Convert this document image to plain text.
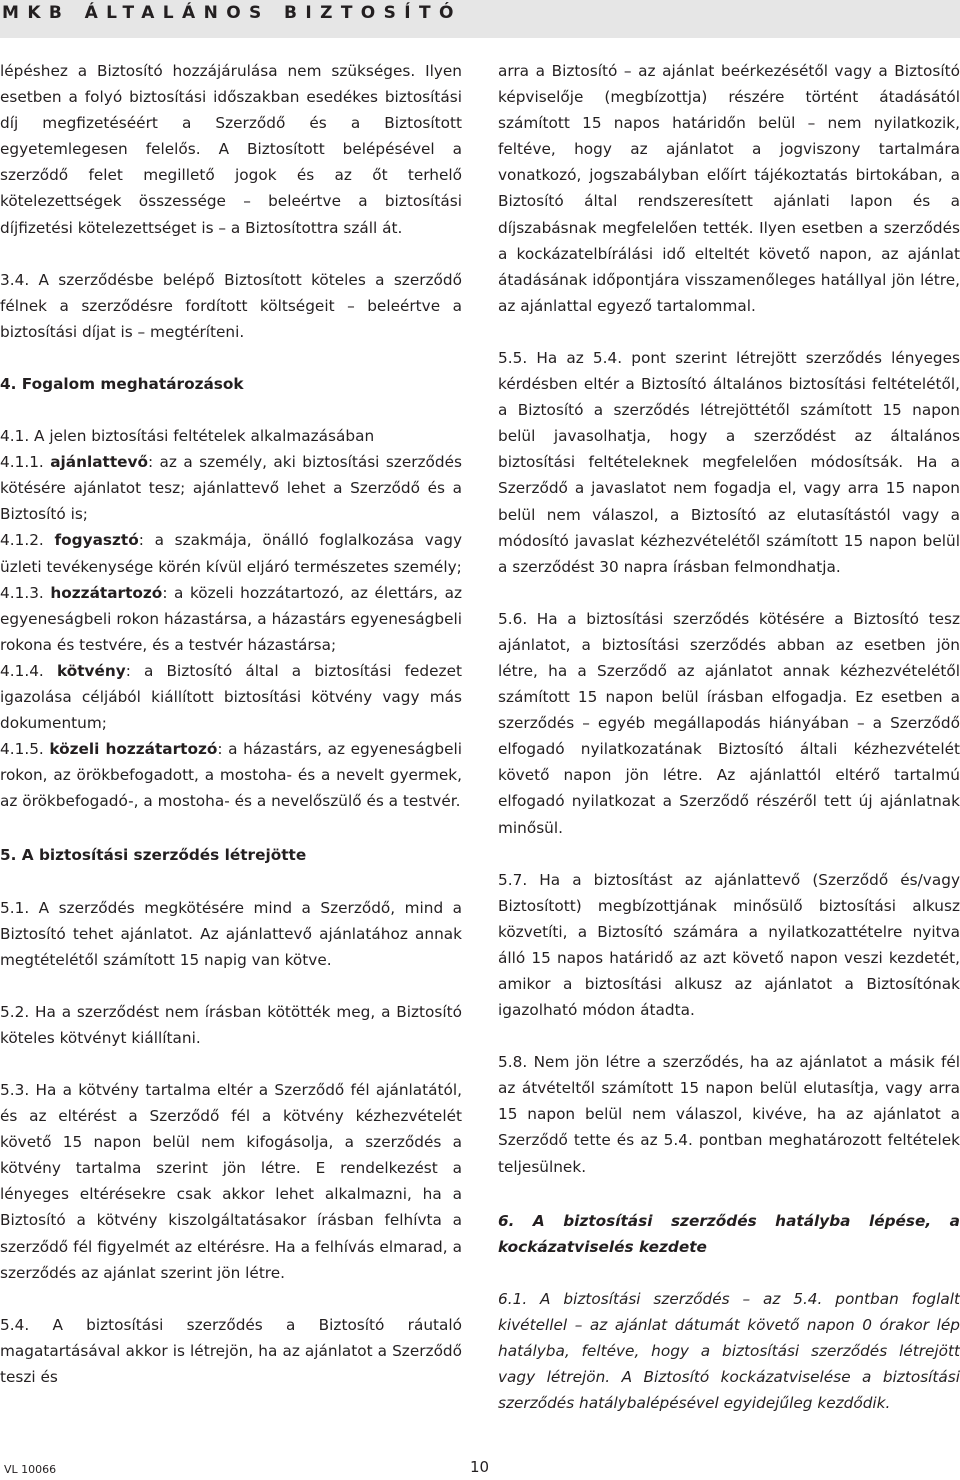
MKB ÁLTALÁNOS BIZTOSÍTÓ

lépéshez a Biztosító hozzájárulása nem szükséges. Ilyen esetben a folyó biztosítási időszakban esedékes biztosítási díj megfizetéséért a Szerződő és a Biztosított egyetemlegesen felelős. A Biztosított belépésével a szerződő felet megillető jogok és az őt terhelő kötelezettségek összessége – beleértve a biztosítási díjfizetési kötelezettséget is – a Biztosítottra száll át.

3.4. A szerződésbe belépő Biztosított köteles a szerződő félnek a szerződésre fordított költségeit – beleértve a biztosítási díjat is – megtéríteni.

4. Fogalom meghatározások

4.1. A jelen biztosítási feltételek alkalmazásában

4.1.1. ajánlattevő: az a személy, aki biztosítási szerződés kötésére ajánlatot tesz; ajánlattevő lehet a Szerződő és a Biztosító is;

4.1.2. fogyasztó: a szakmája, önálló foglalkozása vagy üzleti tevékenysége körén kívül eljáró természetes személy;

4.1.3. hozzátartozó: a közeli hozzátartozó, az élettárs, az egyeneságbeli rokon házastársa, a házastárs egyeneságbeli rokona és testvére, és a testvér házastársa;

4.1.4. kötvény: a Biztosító által a biztosítási fedezet igazolása céljából kiállított biztosítási kötvény vagy más dokumentum;

4.1.5. közeli hozzátartozó: a házastárs, az egyeneságbeli rokon, az örökbefogadott, a mostoha- és a nevelt gyermek, az örökbefogadó-, a mostoha- és a nevelőszülő és a testvér.

5. A biztosítási szerződés létrejötte

5.1. A szerződés megkötésére mind a Szerződő, mind a Biztosító tehet ajánlatot. Az ajánlattevő ajánlatához annak megtételétől számított 15 napig van kötve.

5.2. Ha a szerződést nem írásban kötötték meg, a Biztosító köteles kötvényt kiállítani.

5.3. Ha a kötvény tartalma eltér a Szerződő fél ajánlatától, és az eltérést a Szerződő fél a kötvény kézhezvételét követő 15 napon belül nem kifogásolja, a szerződés a kötvény tartalma szerint jön létre. E rendelkezést a lényeges eltérésekre csak akkor lehet alkalmazni, ha a Biztosító a kötvény kiszolgáltatásakor írásban felhívta a szerződő fél figyelmét az eltérésre. Ha a felhívás elmarad, a szerződés az ajánlat szerint jön létre.

5.4. A biztosítási szerződés a Biztosító ráutaló magatartásával akkor is létrejön, ha az ajánlatot a Szerződő teszi és

arra a Biztosító – az ajánlat beérkezésétől vagy a Biztosító képviselője (megbízottja) részére történt átadásától számított 15 napos határidőn belül – nem nyilatkozik, feltéve, hogy az ajánlatot a jogviszony tartalmára vonatkozó, jogszabályban előírt tájékoztatás birtokában, a Biztosító által rendszeresített ajánlati lapon és a díjszabásnak megfelelően tették. Ilyen esetben a szerződés a kockázatelbírálási idő elteltét követő napon, az ajánlat átadásának időpontjára visszamenőleges hatállyal jön létre, az ajánlattal egyező tartalommal.

5.5. Ha az 5.4. pont szerint létrejött szerződés lényeges kérdésben eltér a Biztosító általános biztosítási feltételétől, a Biztosító a szerződés létrejöttétől számított 15 napon belül javasolhatja, hogy a szerződést az általános biztosítási feltételeknek megfelelően módosítsák. Ha a Szerződő a javaslatot nem fogadja el, vagy arra 15 napon belül nem válaszol, a Biztosító az elutasítástól vagy a módosító javaslat kézhezvételétől számított 15 napon belül a szerződést 30 napra írásban felmondhatja.

5.6. Ha a biztosítási szerződés kötésére a Biztosító tesz ajánlatot, a biztosítási szerződés abban az esetben jön létre, ha a Szerződő az ajánlatot annak kézhezvételétől számított 15 napon belül írásban elfogadja. Ez esetben a szerződés – egyéb megállapodás hiányában – a Szerződő elfogadó nyilatkozatának Biztosító általi kézhezvételét követő napon jön létre. Az ajánlattól eltérő tartalmú elfogadó nyilatkozat a Szerződő részéről tett új ajánlatnak minősül.

5.7. Ha a biztosítást az ajánlattevő (Szerződő és/vagy Biztosított) megbízottjának minősülő biztosítási alkusz közvetíti, a Biztosító számára a nyilatkozattételre nyitva álló 15 napos határidő az azt követő napon veszi kezdetét, amikor a biztosítási alkusz az ajánlatot a Biztosítónak igazolható módon átadta.

5.8. Nem jön létre a szerződés, ha az ajánlatot a másik fél az átvételtől számított 15 napon belül elutasítja, vagy arra 15 napon belül nem válaszol, kivéve, ha az ajánlatot a Szerződő tette és az 5.4. pontban meghatározott feltételek teljesülnek.

6. A biztosítási szerződés hatályba lépése, a kockázatviselés kezdete

6.1. A biztosítási szerződés – az 5.4. pontban foglalt kivétellel – az ajánlat dátumát követő napon 0 órakor lép hatályba, feltéve, hogy a biztosítási szerződés létrejött vagy létrejön. A Biztosító kockázatviselése a biztosítási szerződés hatálybalépésével egyidejűleg kezdődik.

VL 10066	10
